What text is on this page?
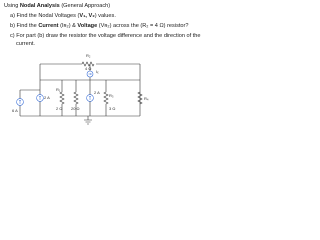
Using Nodal Analysis (General Approach)
a) Find the Nodal Voltages (V₁, V₂) values.
b) Find the Current (Iʀ₂) & Voltage (Vʀ₂) across the (R₂ = 4 Ω) resistor?
c) For part (b) draw the resistor the voltage difference and the direction of the
current.
R₂
4 Ω
Iₓ
2 A
6 A
R₁
2 Ω 20 Ω
2 A
R₃
3 Ω
R₄
